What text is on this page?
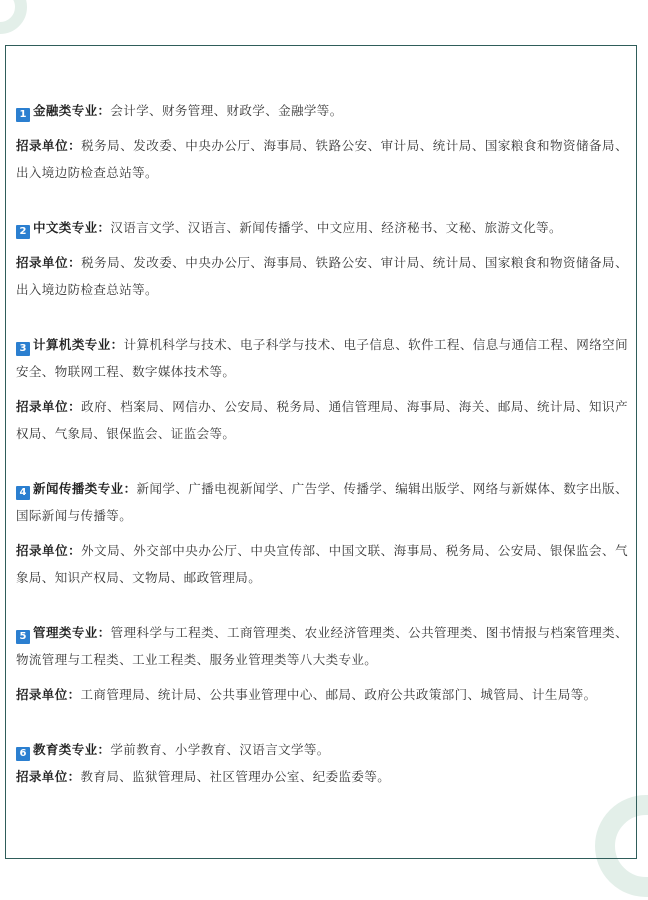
1 金融类专业：会计学、财务管理、财政学、金融学等。

招录单位：税务局、发改委、中央办公厅、海事局、铁路公安、审计局、统计局、国家粮食和物资储备局、出入境边防检查总站等。

2 中文类专业：汉语言文学、汉语言、新闻传播学、中文应用、经济秘书、文秘、旅游文化等。

招录单位：税务局、发改委、中央办公厅、海事局、铁路公安、审计局、统计局、国家粮食和物资储备局、出入境边防检查总站等。

3 计算机类专业：计算机科学与技术、电子科学与技术、电子信息、软件工程、信息与通信工程、网络空间安全、物联网工程、数字媒体技术等。

招录单位：政府、档案局、网信办、公安局、税务局、通信管理局、海事局、海关、邮局、统计局、知识产权局、气象局、银保监会、证监会等。

4 新闻传播类专业：新闻学、广播电视新闻学、广告学、传播学、编辑出版学、网络与新媒体、数字出版、国际新闻与传播等。

招录单位：外文局、外交部中央办公厅、中央宣传部、中国文联、海事局、税务局、公安局、银保监会、气象局、知识产权局、文物局、邮政管理局。

5 管理类专业：管理科学与工程类、工商管理类、农业经济管理类、公共管理类、图书情报与档案管理类、物流管理与工程类、工业工程类、服务业管理类等八大类专业。

招录单位：工商管理局、统计局、公共事业管理中心、邮局、政府公共政策部门、城管局、计生局等。

6 教育类专业：学前教育、小学教育、汉语言文学等。

招录单位：教育局、监狱管理局、社区管理办公室、纪委监委等。
